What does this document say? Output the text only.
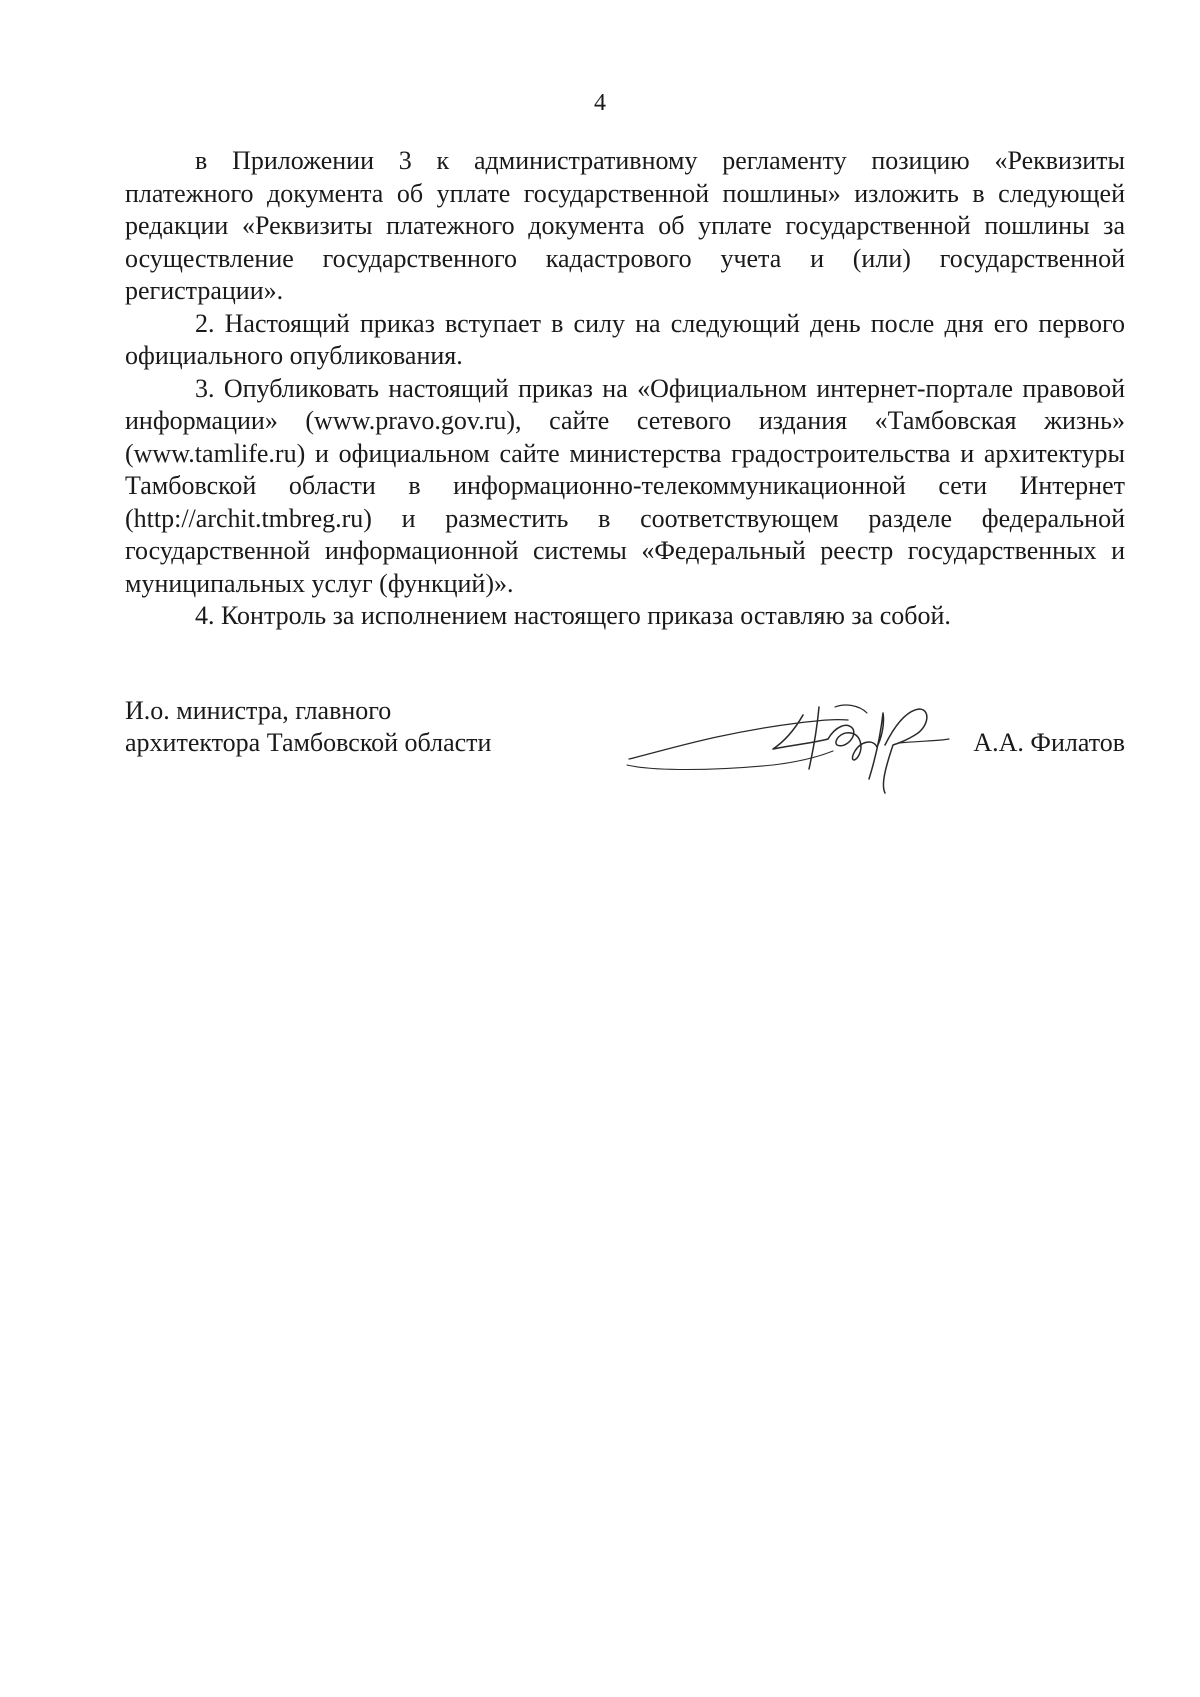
4

в Приложении 3 к административному регламенту позицию «Реквизиты платежного документа об уплате государственной пошлины» изложить в следующей редакции «Реквизиты платежного документа об уплате государственной пошлины за осуществление государственного кадастрового учета и (или) государственной регистрации».

2. Настоящий приказ вступает в силу на следующий день после дня его первого официального опубликования.

3. Опубликовать настоящий приказ на «Официальном интернет-портале правовой информации» (www.pravo.gov.ru), сайте сетевого издания «Тамбовская жизнь» (www.tamlife.ru) и официальном сайте министерства градостроительства и архитектуры Тамбовской области в информационно-телекоммуникационной сети Интернет (http://archit.tmbreg.ru) и разместить в соответствующем разделе федеральной государственной информационной системы «Федеральный реестр государственных и муниципальных услуг (функций)».

4. Контроль за исполнением настоящего приказа оставляю за собой.

И.о. министра, главного
архитектора Тамбовской области	А.А. Филатов
